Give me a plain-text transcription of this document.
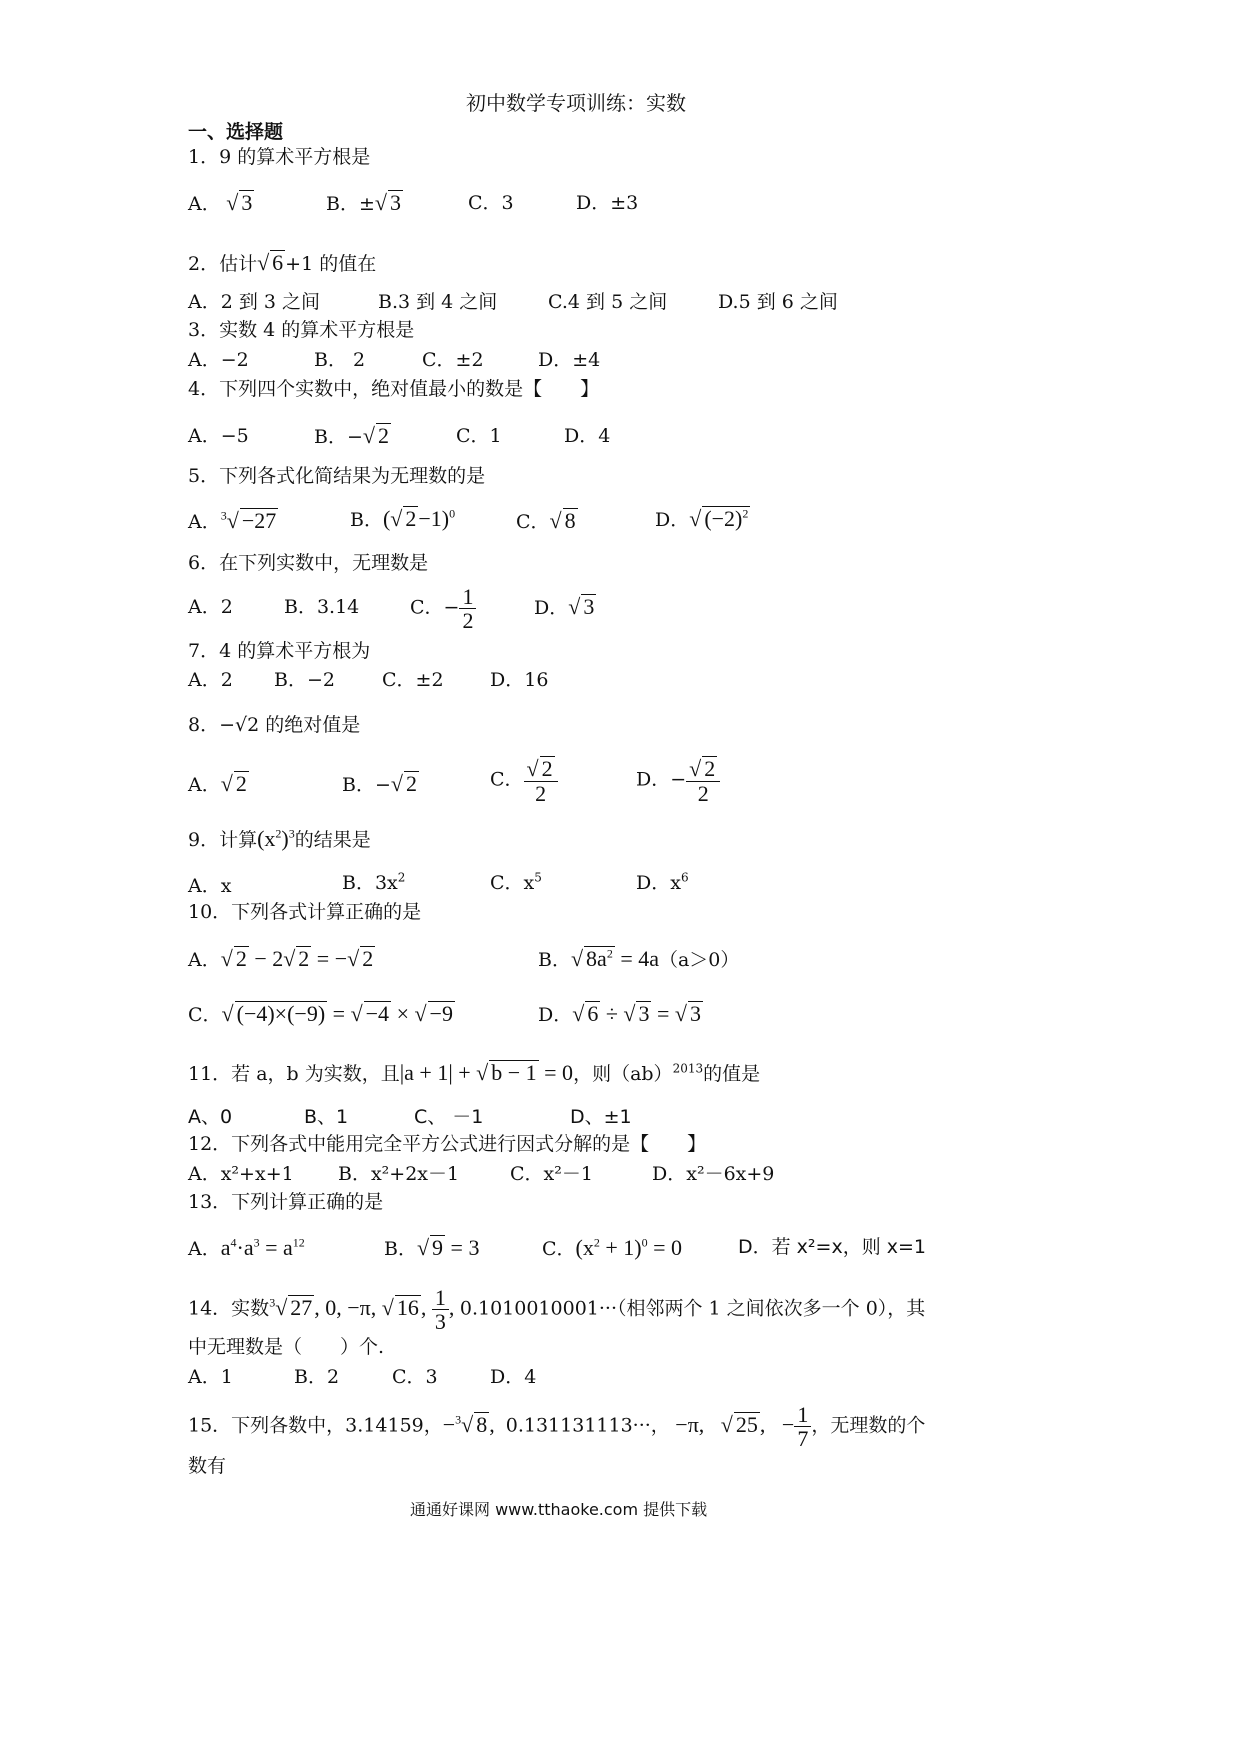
初中数学专项训练：实数
一、选择题
1．9 的算术平方根是
A． √ 3	B．±√ 3	C．3	D．±3
2．估计√ 6 +1 的值在
A．2 到 3 之间	B.3 到 4 之间	C.4 到 5 之间	D.5 到 6 之间
3．实数 4 的算术平方根是
A．−2	B． 2	C．±2	D．±4
4．下列四个实数中，绝对值最小的数是【　　】
A．−5	B．−√ 2	C．1	D．4
5．下列各式化简结果为无理数的是
A．$^3$√ −27	B．(√ 2−1)$^0$	C．√ 8	D．√ $(-2)^2$
6．在下列实数中，无理数是
A．2	B．3.14	C．− $\frac{1}{2}$	D．√ 3
7．4 的算术平方根为
A．2 B．−2 C．±2 D．16
8．−√2 的绝对值是
A．√ 2	B．−√ 2	C． $\frac{√ 2}{2}$	D．− $\frac{√ 2}{2}$
9．计算$(x^2)^3$的结果是
A．x	B．$3x^2$	C．$x^5$	D．$x^6$
10．下列各式计算正确的是
A．√ 2 − 2√ 2 = −√ 2	B．√ $8a^2 = 4a(a>0)$
C．√ (−4)×(−9) = √ −4 × √ −9	D．√ 6 ÷ √ 3 = √ 3
11．若 a，b 为实数，且|a + 1| + √ b − 1 = 0，则（ab）$^{2013}$的值是
A、0	B、1	C、 －1	D、±1
12．下列各式中能用完全平方公式进行因式分解的是【　　】
A．x²+x+1 B．x²+2x－1	C．x²－1	D．x²－6x+9
13．下列计算正确的是
A．$a^4\cdot a^3 = a^{12}$	B．√ 9 = 3	C．$(x^2 + 1)^0 = 0$	D．若 x²=x，则 x=1
14．实数$^3$√ 27, 0, −π, √ 16, $\frac{1}{3}$ , 0.1010010001···（相邻两个 1 之间依次多一个 0），其
中无理数是（　　）个.
A．1	B．2	C．3	D．4
15．下列各数中，3.14159，−$^3$√ 8,  0.131131113···， −π,   √ 25,   − $\frac{1}{7}$ ，无理数的个
数有
通通好课网 www.tthaoke.com 提供下载
